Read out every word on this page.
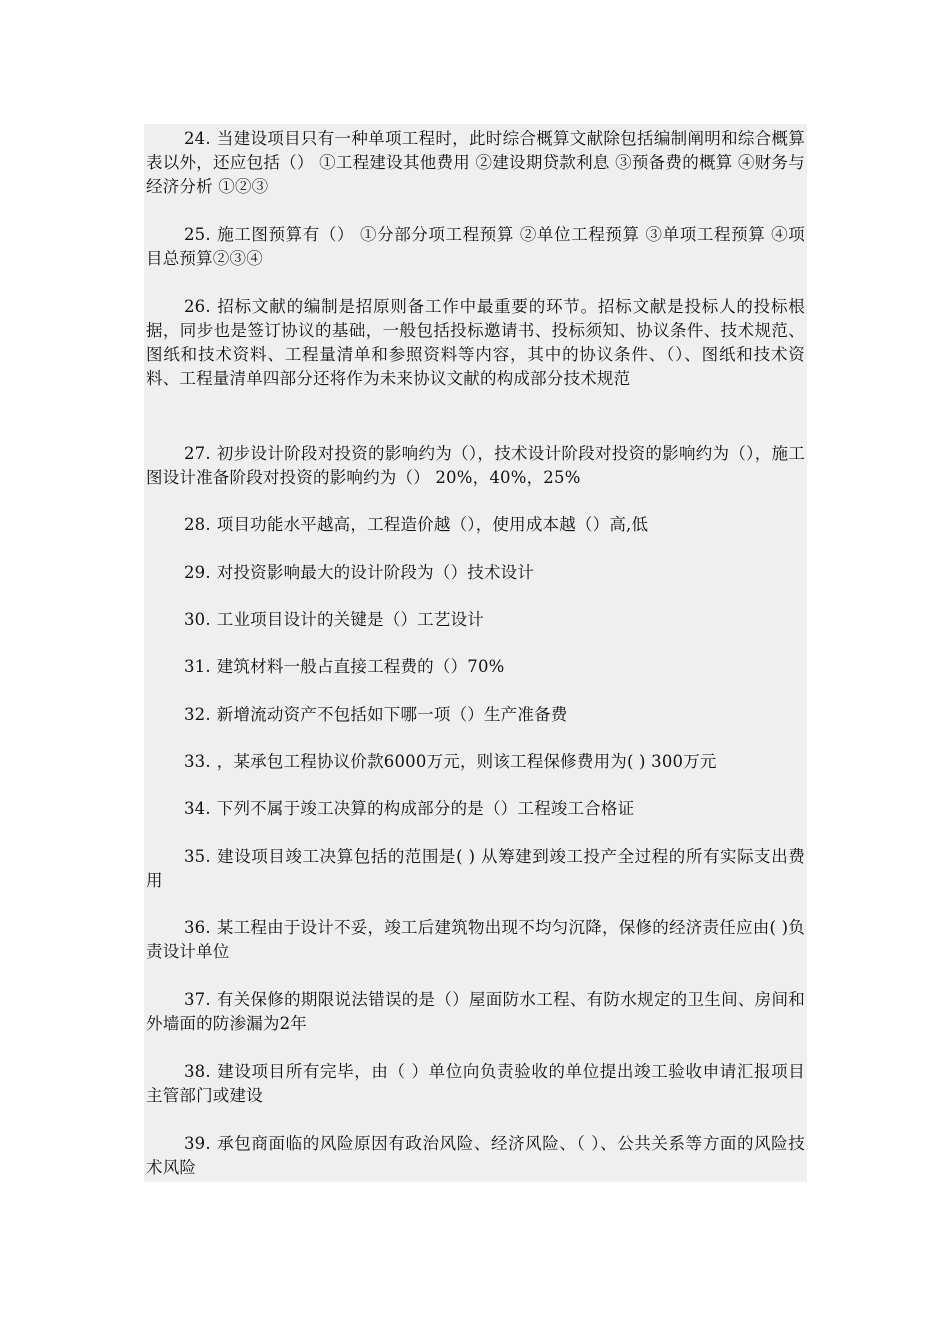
24. 当建设项目只有一种单项工程时，此时综合概算文献除包括编制阐明和综合概算表以外，还应包括（） ①工程建设其他费用 ②建设期贷款利息 ③预备费的概算 ④财务与经济分析 ①②③

25. 施工图预算有（） ①分部分项工程预算 ②单位工程预算 ③单项工程预算 ④项目总预算②③④

26. 招标文献的编制是招原则备工作中最重要的环节。招标文献是投标人的投标根据，同步也是签订协议的基础，一般包括投标邀请书、投标须知、协议条件、技术规范、图纸和技术资料、工程量清单和参照资料等内容，其中的协议条件、（）、图纸和技术资料、工程量清单四部分还将作为未来协议文献的构成部分技术规范

27. 初步设计阶段对投资的影响约为（），技术设计阶段对投资的影响约为（），施工图设计准备阶段对投资的影响约为（） 20%，40%，25%

28. 项目功能水平越高，工程造价越（），使用成本越（）高,低

29. 对投资影响最大的设计阶段为（）技术设计

30. 工业项目设计的关键是（）工艺设计

31. 建筑材料一般占直接工程费的（）70%

32. 新增流动资产不包括如下哪一项（）生产准备费

33. ，某承包工程协议价款6000万元，则该工程保修费用为( ) 300万元

34. 下列不属于竣工决算的构成部分的是（）工程竣工合格证

35. 建设项目竣工决算包括的范围是( ) 从筹建到竣工投产全过程的所有实际支出费用

36. 某工程由于设计不妥，竣工后建筑物出现不均匀沉降，保修的经济责任应由( )负责设计单位

37. 有关保修的期限说法错误的是（）屋面防水工程、有防水规定的卫生间、房间和外墙面的防渗漏为2年

38. 建设项目所有完毕，由（ ）单位向负责验收的单位提出竣工验收申请汇报项目主管部门或建设

39. 承包商面临的风险原因有政治风险、经济风险、（ ）、公共关系等方面的风险技术风险
